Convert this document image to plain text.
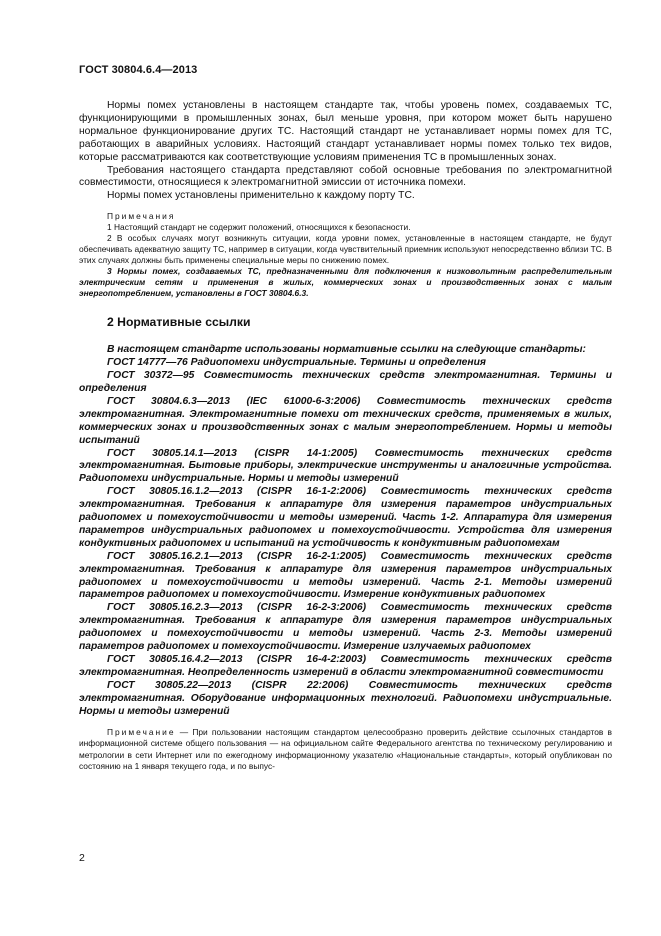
ГОСТ 30804.6.4—2013

Нормы помех установлены в настоящем стандарте так, чтобы уровень помех, создаваемых ТС, функционирующими в промышленных зонах, был меньше уровня, при котором может быть нарушено нормальное функционирование других ТС. Настоящий стандарт не устанавливает нормы помех для ТС, работающих в аварийных условиях. Настоящий стандарт устанавливает нормы помех только тех видов, которые рассматриваются как соответствующие условиям применения ТС в промышленных зонах.

Требования настоящего стандарта представляют собой основные требования по электромагнитной совместимости, относящиеся к электромагнитной эмиссии от источника помехи.

Нормы помех установлены применительно к каждому порту ТС.

Примечания

1 Настоящий стандарт не содержит положений, относящихся к безопасности.

2 В особых случаях могут возникнуть ситуации, когда уровни помех, установленные в настоящем стандарте, не будут обеспечивать адекватную защиту ТС, например в ситуации, когда чувствительный приемник используют непосредственно вблизи ТС. В этих случаях должны быть применены специальные меры по снижению помех.

3 Нормы помех, создаваемых ТС, предназначенными для подключения к низковольтным распределительным электрическим сетям и применения в жилых, коммерческих зонах и производственных зонах с малым энергопотреблением, установлены в ГОСТ 30804.6.3.

2 Нормативные ссылки

В настоящем стандарте использованы нормативные ссылки на следующие стандарты:

ГОСТ 14777—76 Радиопомехи индустриальные. Термины и определения

ГОСТ 30372—95 Совместимость технических средств электромагнитная. Термины и определения

ГОСТ 30804.6.3—2013 (IEC 61000-6-3:2006) Совместимость технических средств электромагнитная. Электромагнитные помехи от технических средств, применяемых в жилых, коммерческих зонах и производственных зонах с малым энергопотреблением. Нормы и методы испытаний

ГОСТ 30805.14.1—2013 (CISPR 14-1:2005) Совместимость технических средств электромагнитная. Бытовые приборы, электрические инструменты и аналогичные устройства. Радиопомехи индустриальные. Нормы и методы измерений

ГОСТ 30805.16.1.2—2013 (CISPR 16-1-2:2006) Совместимость технических средств электромагнитная. Требования к аппаратуре для измерения параметров индустриальных радиопомех и помехоустойчивости и методы измерений. Часть 1-2. Аппаратура для измерения параметров индустриальных радиопомех и помехоустойчивости. Устройства для измерения кондуктивных радиопомех и испытаний на устойчивость к кондуктивным радиопомехам

ГОСТ 30805.16.2.1—2013 (CISPR 16-2-1:2005) Совместимость технических средств электромагнитная. Требования к аппаратуре для измерения параметров индустриальных радиопомех и помехоустойчивости и методы измерений. Часть 2-1. Методы измерений параметров радиопомех и помехоустойчивости. Измерение кондуктивных радиопомех

ГОСТ 30805.16.2.3—2013 (CISPR 16-2-3:2006) Совместимость технических средств электромагнитная. Требования к аппаратуре для измерения параметров индустриальных радиопомех и помехоустойчивости и методы измерений. Часть 2-3. Методы измерений параметров радиопомех и помехоустойчивости. Измерение излучаемых радиопомех

ГОСТ 30805.16.4.2—2013 (CISPR 16-4-2:2003) Совместимость технических средств электромагнитная. Неопределенность измерений в области электромагнитной совместимости

ГОСТ 30805.22—2013 (CISPR 22:2006) Совместимость технических средств электромагнитная. Оборудование информационных технологий. Радиопомехи индустриальные. Нормы и методы измерений

Примечание — При пользовании настоящим стандартом целесообразно проверить действие ссылочных стандартов в информационной системе общего пользования — на официальном сайте Федерального агентства по техническому регулированию и метрологии в сети Интернет или по ежегодному информационному указателю «Национальные стандарты», который опубликован по состоянию на 1 января текущего года, и по выпус-

2
